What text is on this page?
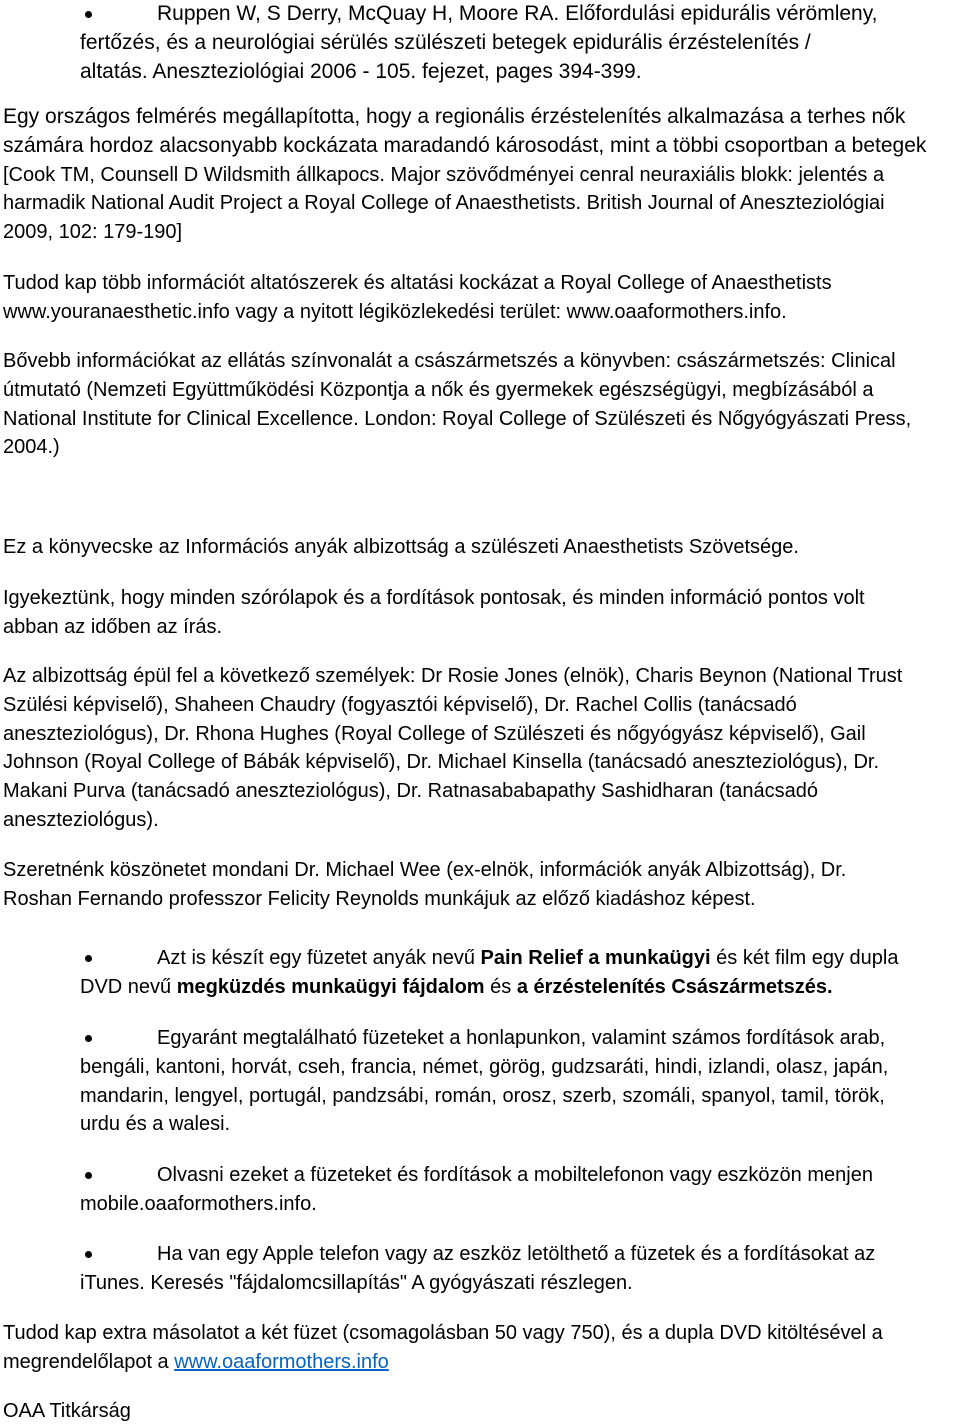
Ruppen W, S Derry, McQuay H, Moore RA. Előfordulási epidurális vérömleny,
fertőzés, és a neurológiai sérülés szülészeti betegek epidurális érzéstelenítés /
altatás. Aneszteziológiai 2006 - 105. fejezet, pages 394-399.
Egy országos felmérés megállapította, hogy a regionális érzéstelenítés alkalmazása a terhes nők
számára hordoz alacsonyabb kockázata maradandó károsodást, mint a többi csoportban a betegek
[Cook TM, Counsell D Wildsmith állkapocs. Major szövődményei cenral neuraxiális blokk: jelentés a
harmadik National Audit Project a Royal College of Anaesthetists. British Journal of Aneszteziológiai
2009, 102: 179-190]
Tudod kap több információt altatószerek és altatási kockázat a Royal College of Anaesthetists
www.youranaesthetic.info vagy a nyitott légiközlekedési terület: www.oaaformothers.info.
Bővebb információkat az ellátás színvonalát a császármetszés a könyvben: császármetszés: Clinical
útmutató (Nemzeti Együttműködési Központja a nők és gyermekek egészségügyi, megbízásából a
National Institute for Clinical Excellence. London: Royal College of Szülészeti és Nőgyógyászati Press,
2004.)
Ez a könyvecske az Információs anyák albizottság a szülészeti Anaesthetists Szövetsége.
Igyekeztünk, hogy minden szórólapok és a fordítások pontosak, és minden információ pontos volt
abban az időben az írás.
Az albizottság épül fel a következő személyek: Dr Rosie Jones (elnök), Charis Beynon (National Trust
Szülési képviselő), Shaheen Chaudry (fogyasztói képviselő), Dr. Rachel Collis (tanácsadó
aneszteziológus), Dr. Rhona Hughes (Royal College of Szülészeti és nőgyógyász képviselő), Gail
Johnson (Royal College of Bábák képviselő), Dr. Michael Kinsella (tanácsadó aneszteziológus), Dr.
Makani Purva (tanácsadó aneszteziológus), Dr. Ratnasababapathy Sashidharan (tanácsadó
aneszteziológus).
Szeretnénk köszönetet mondani Dr. Michael Wee (ex-elnök, információk anyák Albizottság), Dr.
Roshan Fernando professzor Felicity Reynolds munkájuk az előző kiadáshoz képest.
Azt is készít egy füzetet anyák nevű Pain Relief a munkaügyi és két film egy dupla
DVD nevű megküzdés munkaügyi fájdalom és a érzéstelenítés Császármetszés.
Egyaránt megtalálható füzeteket a honlapunkon, valamint számos fordítások arab,
bengáli, kantoni, horvát, cseh, francia, német, görög, gudzsaráti, hindi, izlandi, olasz, japán,
mandarin, lengyel, portugál, pandzsábi, román, orosz, szerb, szomáli, spanyol, tamil, török,
urdu és a walesi.
Olvasni ezeket a füzeteket és fordítások a mobiltelefonon vagy eszközön menjen
mobile.oaaformothers.info.
Ha van egy Apple telefon vagy az eszköz letölthető a füzetek és a fordításokat az
iTunes. Keresés "fájdalomcsillapítás" A gyógyászati részlegen.
Tudod kap extra másolatot a két füzet (csomagolásban 50 vagy 750), és a dupla DVD kitöltésével a
megrendelőlapot a www.oaaformothers.info
OAA Titkárság
